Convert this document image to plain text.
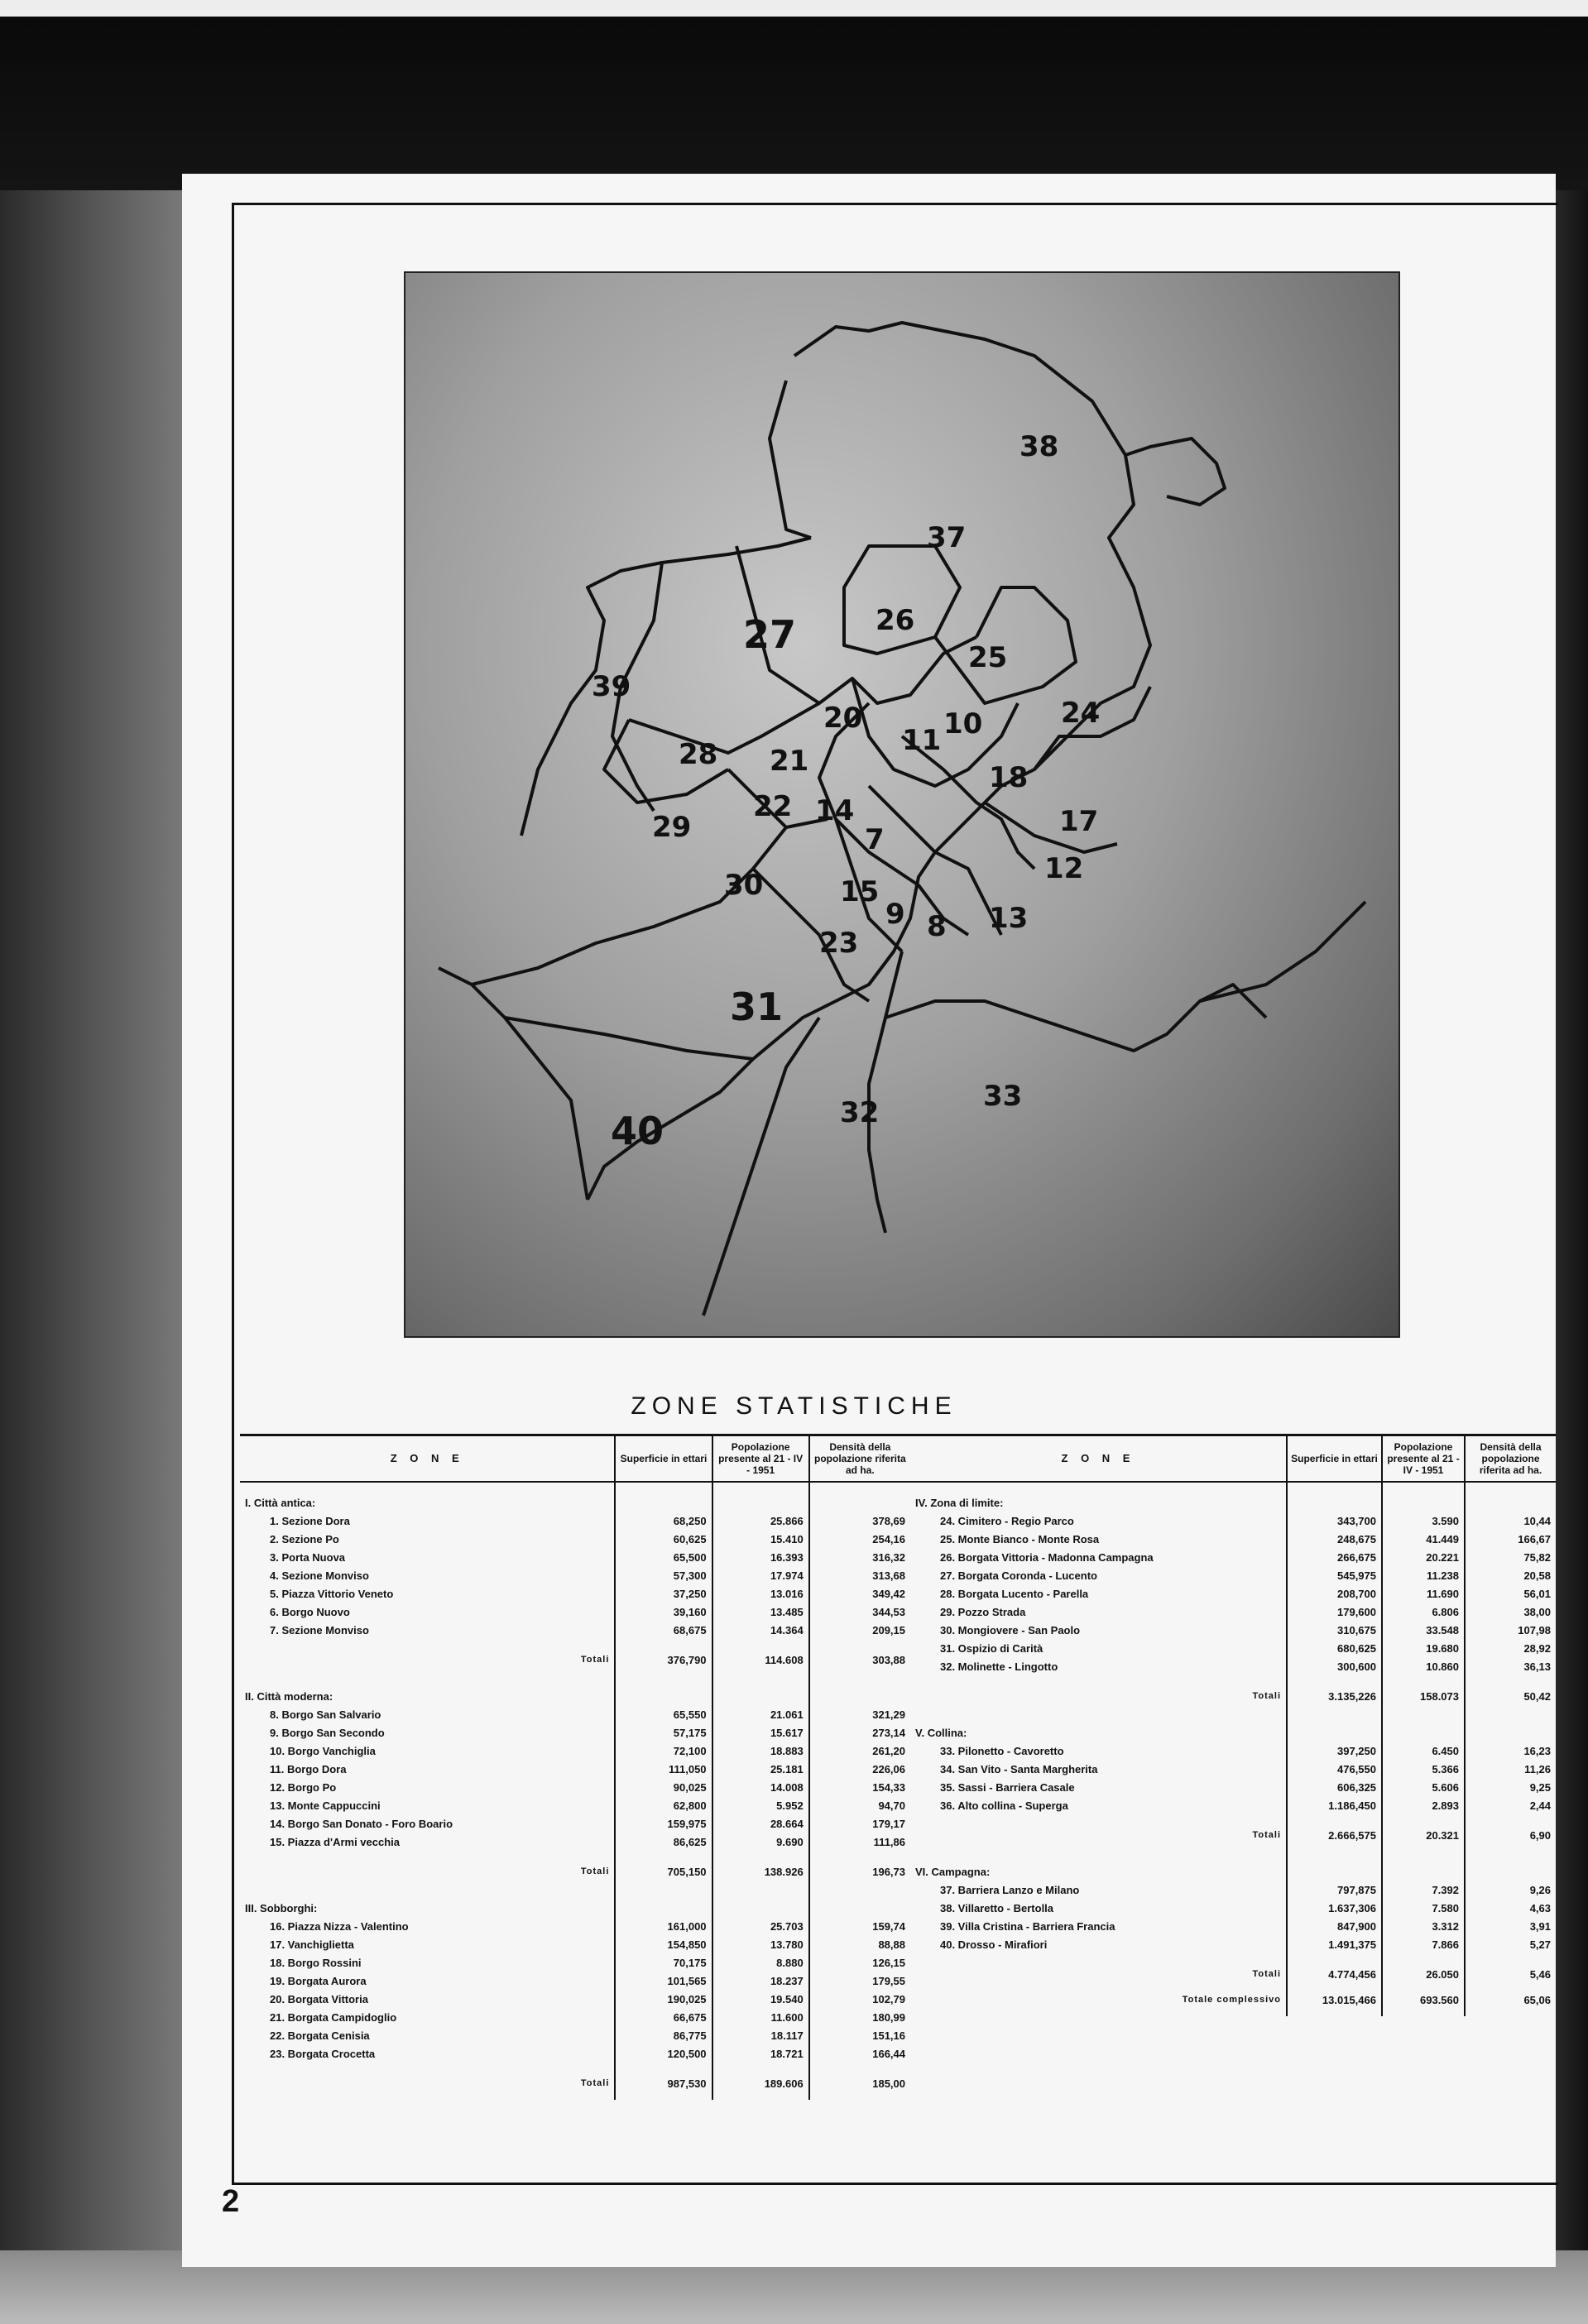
38
37
26
27
25
24
39
20
21
11 10
18
28
22 14	17
29	7
12
30	15
9 8 13
23
31
40	32	33
ZONE STATISTICHE
Z O N E	Superficie in ettari	Popolazione presente al 21 - IV - 1951	Densità della popolazione riferita ad ha.
I. Città antica:			
1. Sezione Dora	68,250	25.866	378,69
2. Sezione Po	60,625	15.410	254,16
3. Porta Nuova	65,500	16.393	316,32
4. Sezione Monviso	57,300	17.974	313,68
5. Piazza Vittorio Veneto	37,250	13.016	349,42
6. Borgo Nuovo	39,160	13.485	344,53
7. Sezione Monviso	68,675	14.364	209,15

Totali	376,790	114.608	303,88
II. Città moderna:			
8. Borgo San Salvario	65,550	21.061	321,29
9. Borgo San Secondo	57,175	15.617	273,14
10. Borgo Vanchiglia	72,100	18.883	261,20
11. Borgo Dora	111,050	25.181	226,06
12. Borgo Po	90,025	14.008	154,33
13. Monte Cappuccini	62,800	5.952	94,70
14. Borgo San Donato - Foro Boario	159,975	28.664	179,17
15. Piazza d'Armi vecchia	86,625	9.690	111,86

Totali	705,150	138.926	196,73
III. Sobborghi:			
16. Piazza Nizza - Valentino	161,000	25.703	159,74
17. Vanchiglietta	154,850	13.780	88,88
18. Borgo Rossini	70,175	8.880	126,15
19. Borgata Aurora	101,565	18.237	179,55
20. Borgata Vittoria	190,025	19.540	102,79
21. Borgata Campidoglio	66,675	11.600	180,99
22. Borgata Cenisia	86,775	18.117	151,16
23. Borgata Crocetta	120,500	18.721	166,44

Totali	987,530	189.606	185,00
Z O N E	Superficie in ettari	Popolazione presente al 21 - IV - 1951	Densità della popolazione riferita ad ha.
IV. Zona di limite:			
24. Cimitero - Regio Parco	343,700	3.590	10,44
25. Monte Bianco - Monte Rosa	248,675	41.449	166,67
26. Borgata Vittoria - Madonna Campagna	266,675	20.221	75,82
27. Borgata Coronda - Lucento	545,975	11.238	20,58
28. Borgata Lucento - Parella	208,700	11.690	56,01
29. Pozzo Strada	179,600	6.806	38,00
30. Mongiovere - San Paolo	310,675	33.548	107,98
31. Ospizio di Carità	680,625	19.680	28,92
32. Molinette - Lingotto	300,600	10.860	36,13

Totali	3.135,226	158.073	50,42
V. Collina:			
33. Pilonetto - Cavoretto	397,250	6.450	16,23
34. San Vito - Santa Margherita	476,550	5.366	11,26
35. Sassi - Barriera Casale	606,325	5.606	9,25
36. Alto collina - Superga	1.186,450	2.893	2,44

Totali	2.666,575	20.321	6,90
VI. Campagna:			
37. Barriera Lanzo e Milano	797,875	7.392	9,26
38. Villaretto - Bertolla	1.637,306	7.580	4,63
39. Villa Cristina - Barriera Francia	847,900	3.312	3,91
40. Drosso - Mirafiori	1.491,375	7.866	5,27

Totali	4.774,456	26.050	5,46
Totale complessivo	13.015,466	693.560	65,06
2
